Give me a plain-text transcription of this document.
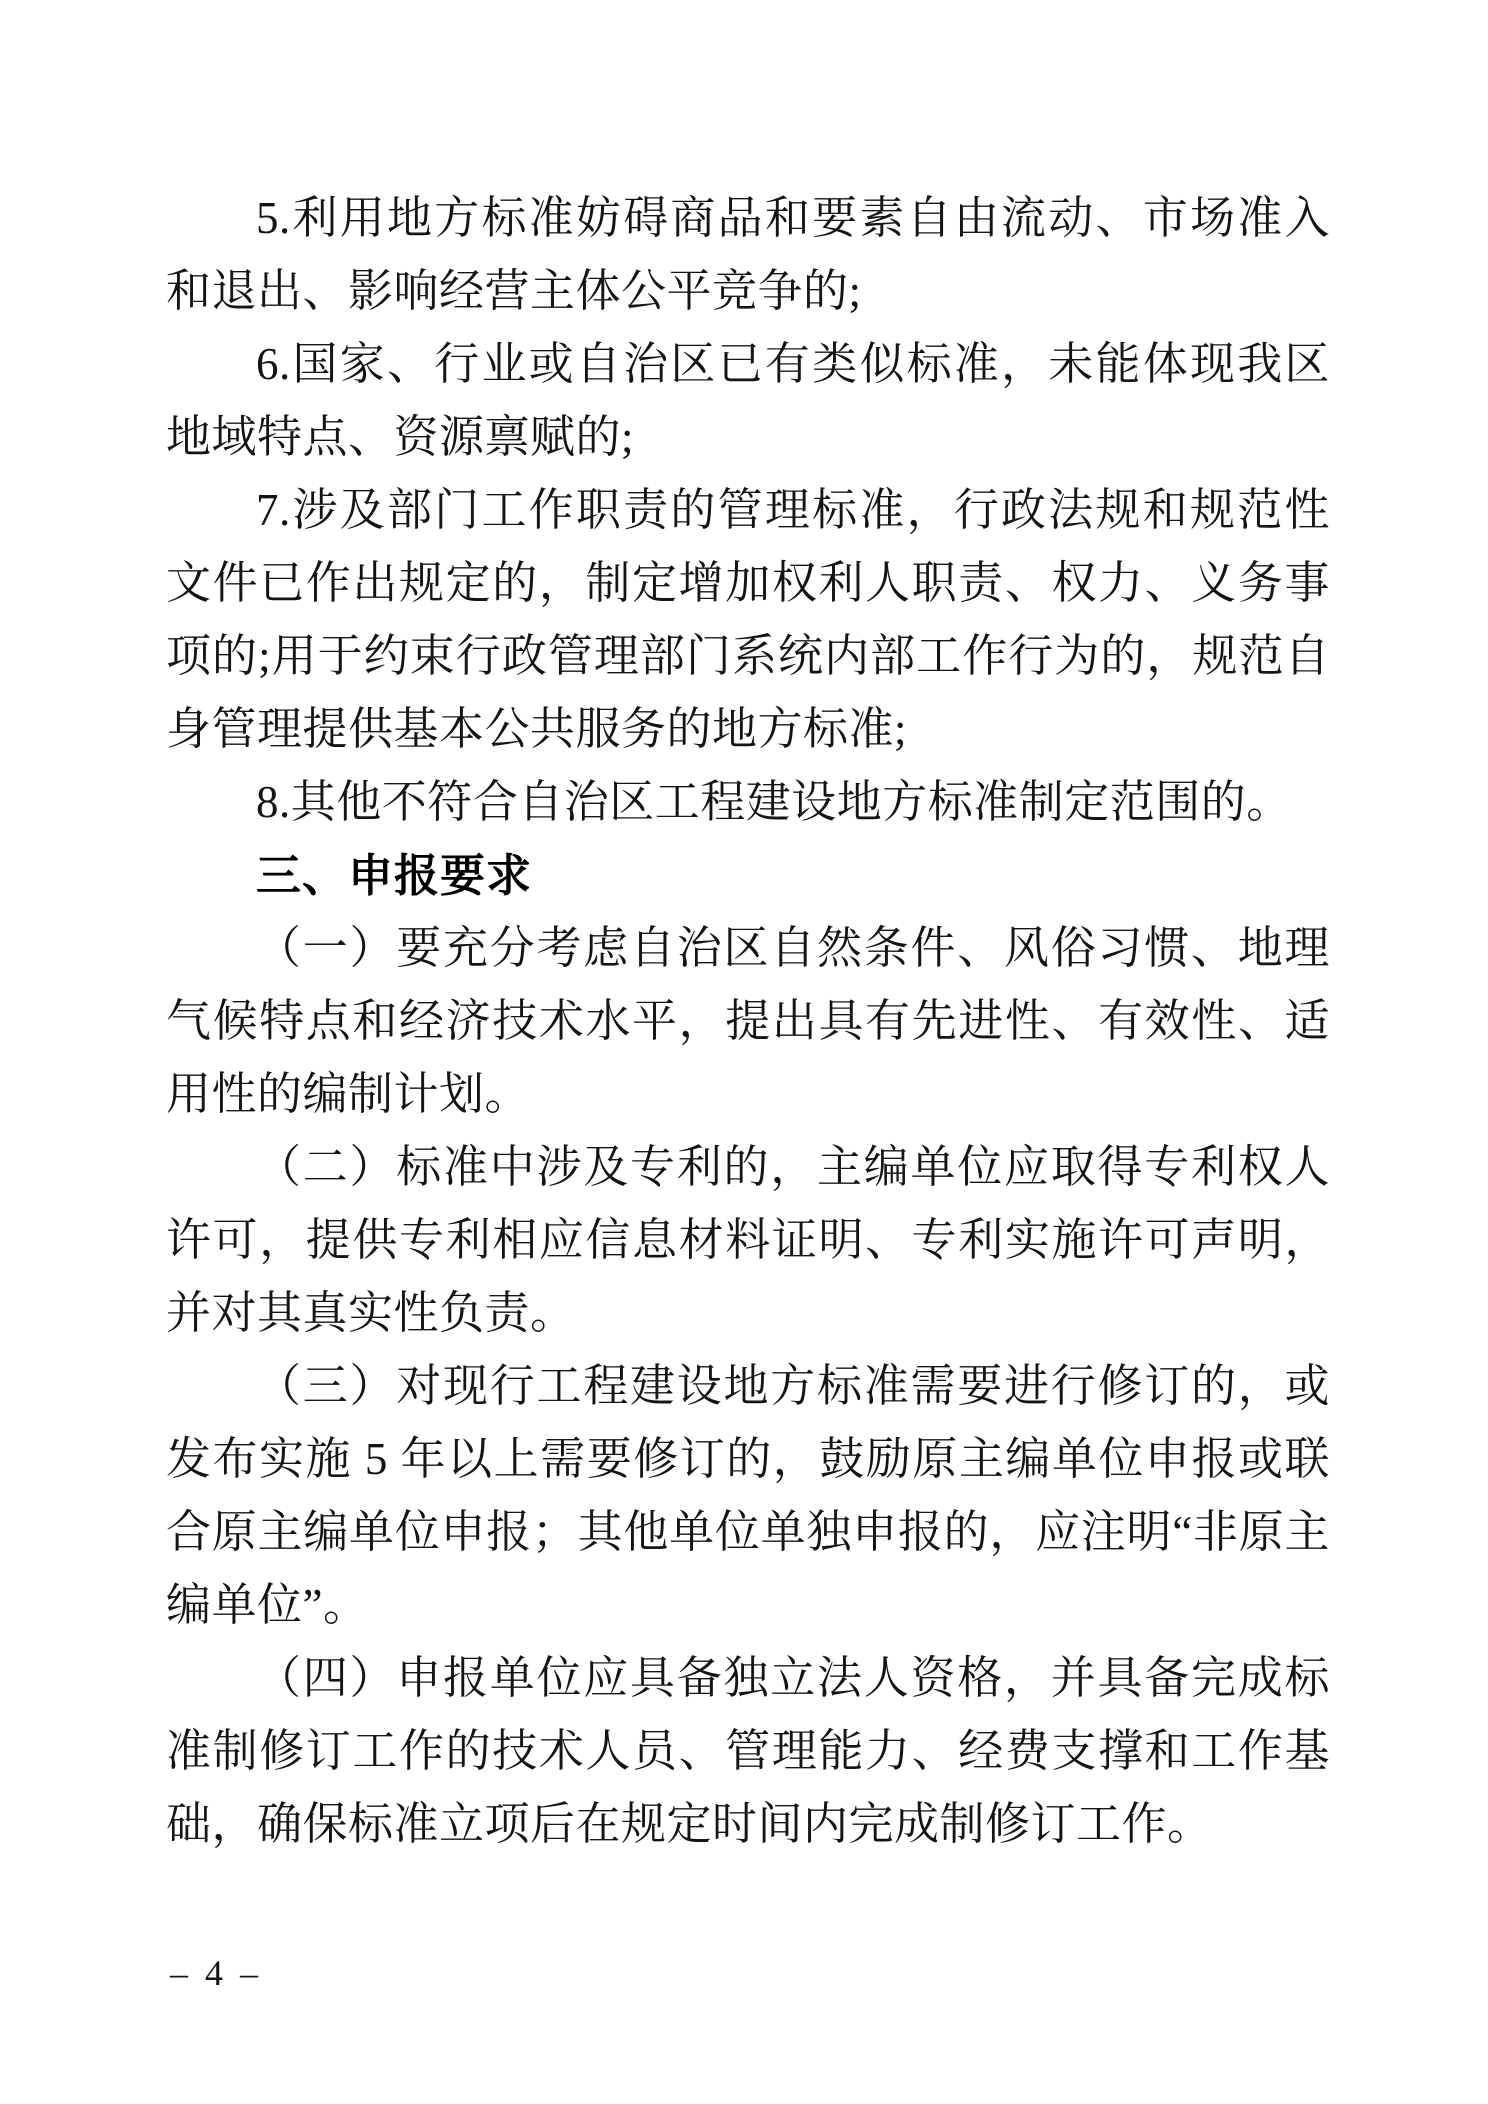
5.利用地方标准妨碍商品和要素自由流动、市场准入和退出、影响经营主体公平竞争的;

6.国家、行业或自治区已有类似标准，未能体现我区地域特点、资源禀赋的;

7.涉及部门工作职责的管理标准，行政法规和规范性文件已作出规定的，制定增加权利人职责、权力、义务事项的;用于约束行政管理部门系统内部工作行为的，规范自身管理提供基本公共服务的地方标准;

8.其他不符合自治区工程建设地方标准制定范围的。

三、申报要求

（一）要充分考虑自治区自然条件、风俗习惯、地理气候特点和经济技术水平，提出具有先进性、有效性、适用性的编制计划。

（二）标准中涉及专利的，主编单位应取得专利权人许可，提供专利相应信息材料证明、专利实施许可声明，并对其真实性负责。

（三）对现行工程建设地方标准需要进行修订的，或发布实施 5 年以上需要修订的，鼓励原主编单位申报或联合原主编单位申报；其他单位单独申报的，应注明“非原主编单位”。

（四）申报单位应具备独立法人资格，并具备完成标准制修订工作的技术人员、管理能力、经费支撑和工作基础，确保标准立项后在规定时间内完成制修订工作。

– 4 –
